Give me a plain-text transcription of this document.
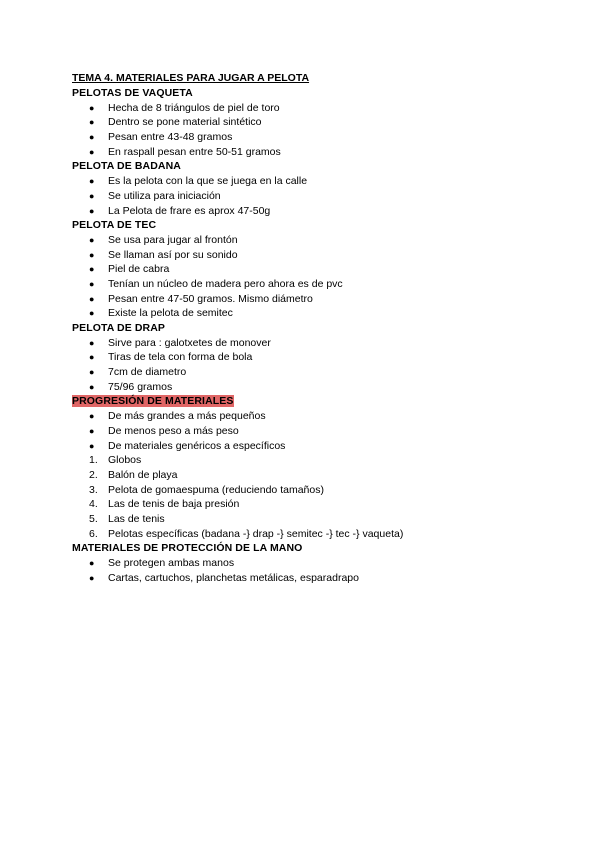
TEMA 4. MATERIALES PARA JUGAR A PELOTA
PELOTAS DE VAQUETA
● Hecha de 8 triángulos de piel de toro
● Dentro se pone material sintético
● Pesan entre 43-48 gramos
● En raspall pesan entre 50-51 gramos
PELOTA DE BADANA
● Es la pelota con la que se juega en la calle
● Se utiliza para iniciación
● La Pelota de frare es aprox 47-50g
PELOTA DE TEC
● Se usa para jugar al frontón
● Se llaman así por su sonido
● Piel de cabra
● Tenían un núcleo de madera pero ahora es de pvc
● Pesan entre 47-50 gramos. Mismo diámetro
● Existe la pelota de semitec
PELOTA DE DRAP
● Sirve para : galotxetes de monover
● Tiras de tela con forma de bola
● 7cm de diametro
● 75/96 gramos
PROGRESIÓN DE MATERIALES
● De más grandes a más pequeños
● De menos peso a más peso
● De materiales genéricos a específicos
1. Globos
2. Balón de playa
3. Pelota de gomaespuma (reduciendo tamaños)
4. Las de tenis de baja presión
5. Las de tenis
6. Pelotas específicas (badana -} drap -} semitec -} tec -} vaqueta)
MATERIALES DE PROTECCIÓN DE LA MANO
● Se protegen ambas manos
● Cartas, cartuchos, planchetas metálicas, esparadrapo
